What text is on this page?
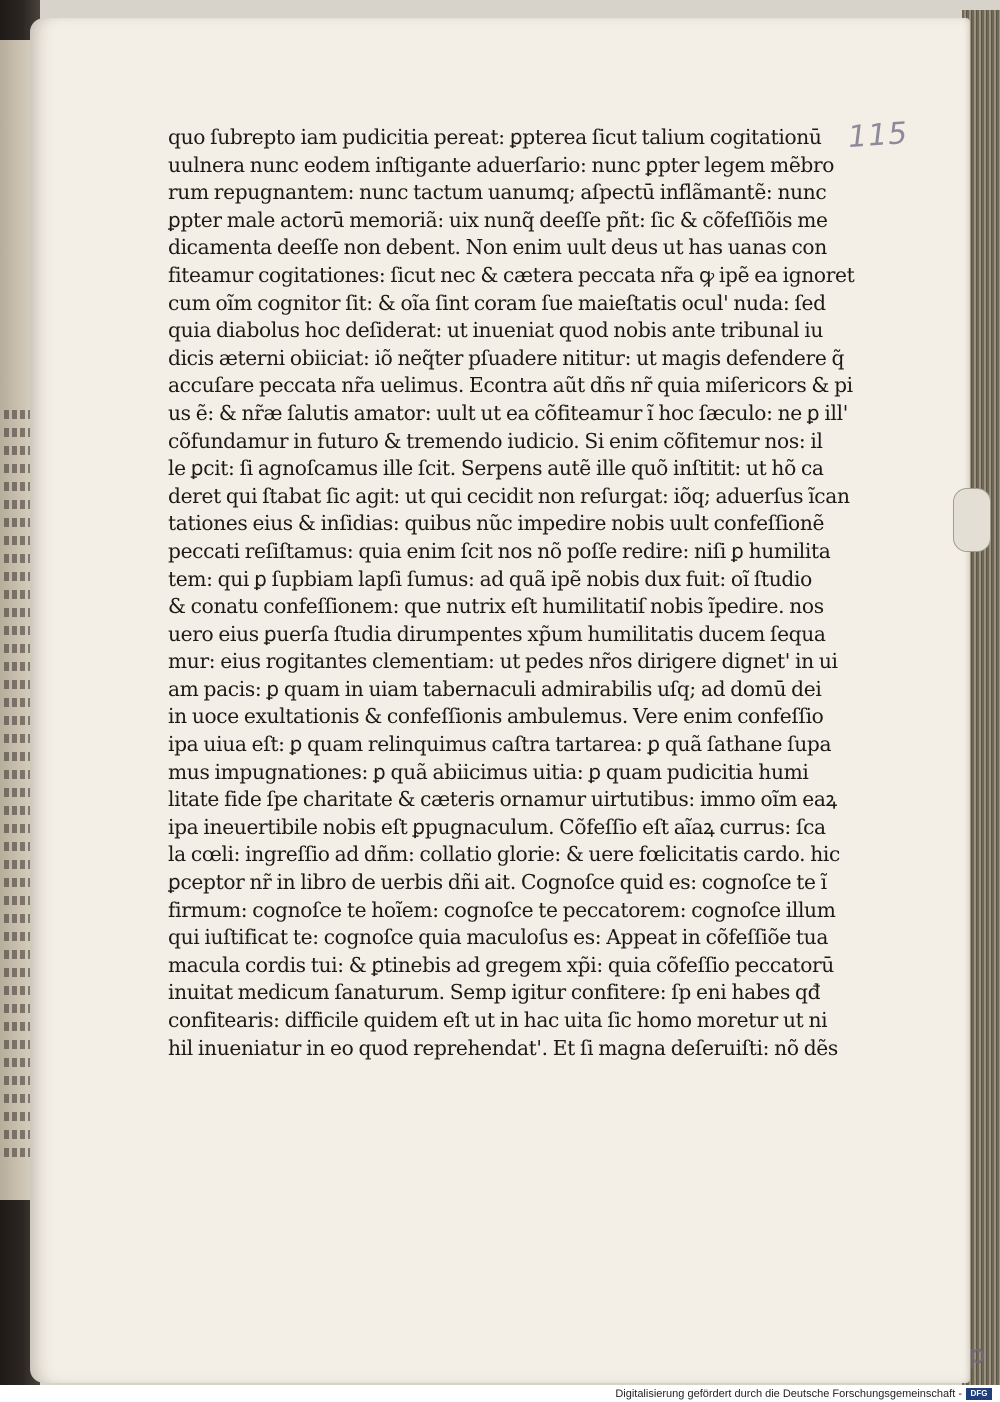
115
quo ſubrepto iam pudicitia pereat: ꝑpterea ſicut talium cogitationū
uulnera nunc eodem inſtigante aduerſario: nunc ꝑpter legem mẽbro
rum repugnantem: nunc tactum uanumq; aſpectū inflãmantẽ: nunc
ꝑpter male actorū memoriã: uix nunq̃ deeſſe pñt: ſic & cõfeſſiõis me
dicamenta deeſſe non debent. Non enim uult deus ut has uanas con
fiteamur cogitationes: ſicut nec & cætera peccata nr̃a ꝙ ipẽ ea ignoret
cum oĩm cognitor ſit: & oĩa ſint coram ſue maieſtatis ocul' nuda: ſed
quia diabolus hoc deſiderat: ut inueniat quod nobis ante tribunal iu
dicis æterni obiiciat: iõ neq̃ter pſuadere nititur: ut magis defendere q̃
accuſare peccata nr̃a uelimus. Econtra aũt dñs nr̃ quia miſericors & pi
us ẽ: & nr̃æ ſalutis amator: uult ut ea cõfiteamur ĩ hoc ſæculo: ne ꝑ ill'
cõfundamur in futuro & tremendo iudicio. Si enim cõfitemur nos: il
le ꝑcit: ſi agnoſcamus ille ſcit. Serpens autẽ ille quõ inſtitit: ut hõ ca
deret qui ſtabat ſic agit: ut qui cecidit non reſurgat: iõq; aduerſus ĩcan
tationes eius & inſidias: quibus nũc impedire nobis uult confeſſionẽ
peccati reſiſtamus: quia enim ſcit nos nõ poſſe redire: niſi ꝑ humilita
tem: qui ꝑ ſupbiam lapſi ſumus: ad quã ipẽ nobis dux fuit: oĩ ſtudio
& conatu confeſſionem: que nutrix eſt humilitatiſ nobis ĩpedire. nos
uero eius ꝑuerſa ſtudia dirumpentes xp̃um humilitatis ducem ſequa
mur: eius rogitantes clementiam: ut pedes nr̃os dirigere dignet' in ui
am pacis: ꝑ quam in uiam tabernaculi admirabilis uſq; ad domū dei
in uoce exultationis & confeſſionis ambulemus. Vere enim confeſſio
ipa uiua eſt: ꝑ quam relinquimus caſtra tartarea: ꝑ quã ſathane ſupa
mus impugnationes: ꝑ quã abiicimus uitia: ꝑ quam pudicitia humi
litate fide ſpe charitate & cæteris ornamur uirtutibus: immo oĩm eaꝝ
ipa ineuertibile nobis eſt ꝑpugnaculum. Cõfeſſio eſt aĩaꝝ currus: ſca
la cœli: ingreſſio ad dñm: collatio glorie: & uere fœlicitatis cardo. hic
ꝑceptor nr̃ in libro de uerbis dñi ait. Cognoſce quid es: cognoſce te ĩ
firmum: cognoſce te hoĩem: cognoſce te peccatorem: cognoſce illum
qui iuſtificat te: cognoſce quia maculoſus es: Appeat in cõfeſſiõe tua
macula cordis tui: & ꝑtinebis ad gregem xp̃i: quia cõfeſſio peccatorū
inuitat medicum ſanaturum. Semp igitur confitere: ſp eni habes qđ
confitearis: difficile quidem eſt ut in hac uita ſic homo moretur ut ni
hil inueniatur in eo quod reprehendat'. Et ſi magna deſeruiſti: nõ dẽs
p
Digitalisierung gefördert durch die Deutsche Forschungsgemeinschaft -	DFG
